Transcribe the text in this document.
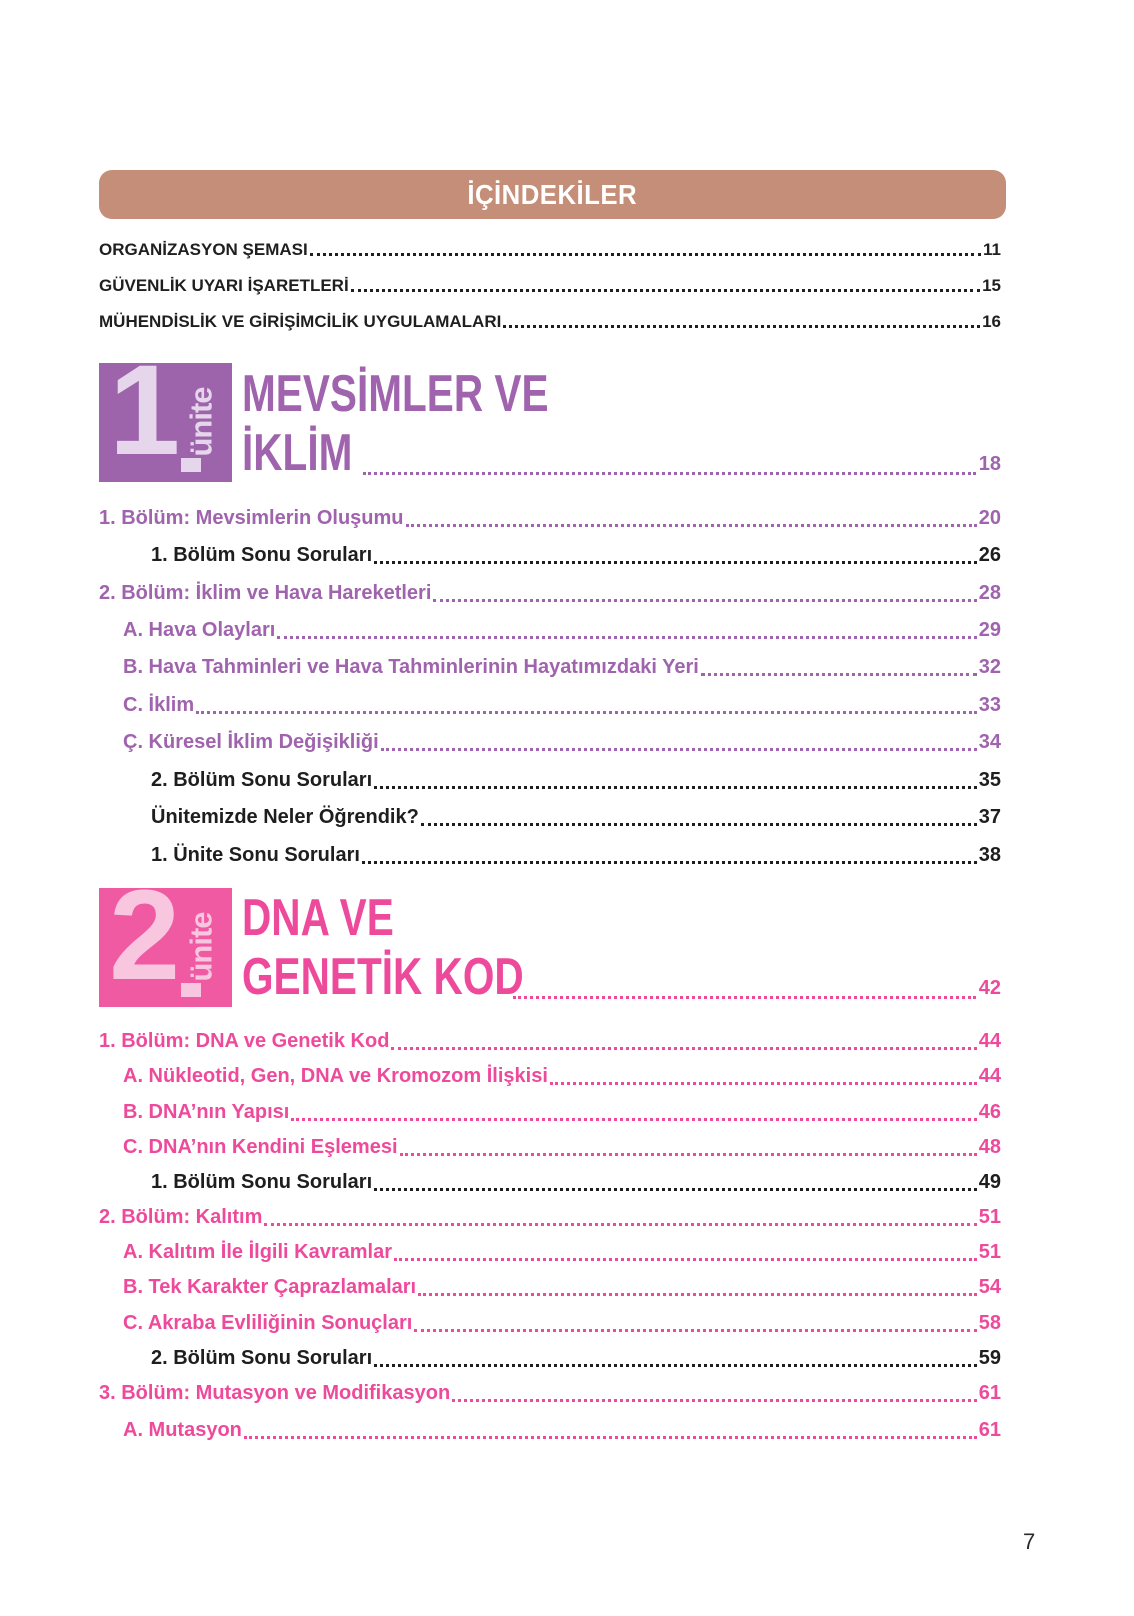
İÇİNDEKİLER
ORGANİZASYON ŞEMASI	11
GÜVENLİK UYARI İŞARETLERİ	15
MÜHENDİSLİK VE GİRİŞİMCİLİK UYGULAMALARI	16
1 ünite MEVSİMLER VE
İKLİM	18
1. Bölüm: Mevsimlerin Oluşumu	20
1. Bölüm Sonu Soruları	26
2. Bölüm: İklim ve Hava Hareketleri	28
A. Hava Olayları	29
B. Hava Tahminleri ve Hava Tahminlerinin Hayatımızdaki Yeri	32
C. İklim	33
Ç. Küresel İklim Değişikliği	34
2. Bölüm Sonu Soruları	35
Ünitemizde Neler Öğrendik?	37
1. Ünite Sonu Soruları	38
2 ünite DNA VE
GENETİK KOD	42
1. Bölüm: DNA ve Genetik Kod	44
A. Nükleotid, Gen, DNA ve Kromozom İlişkisi	44
B. DNA’nın Yapısı	46
C. DNA’nın Kendini Eşlemesi	48
1. Bölüm Sonu Soruları	49
2. Bölüm: Kalıtım	51
A. Kalıtım İle İlgili Kavramlar	51
B. Tek Karakter Çaprazlamaları	54
C. Akraba Evliliğinin Sonuçları	58
2. Bölüm Sonu Soruları	59
3. Bölüm: Mutasyon ve Modifikasyon	61
A. Mutasyon	61
7
